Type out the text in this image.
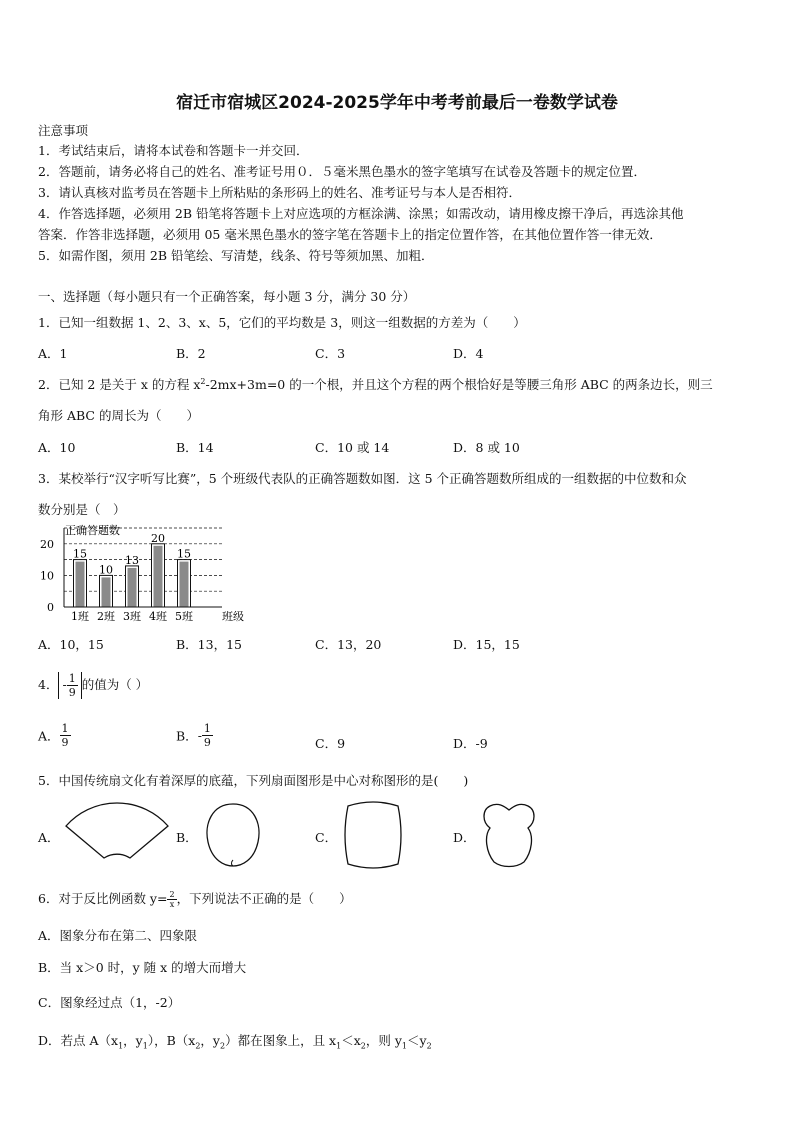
宿迁市宿城区2024-2025学年中考考前最后一卷数学试卷
注意事项
1．考试结束后，请将本试卷和答题卡一并交回．
2．答题前，请务必将自己的姓名、准考证号用０．５毫米黑色墨水的签字笔填写在试卷及答题卡的规定位置．
3．请认真核对监考员在答题卡上所粘贴的条形码上的姓名、准考证号与本人是否相符．
4．作答选择题，必须用 2B 铅笔将答题卡上对应选项的方框涂满、涂黑；如需改动，请用橡皮擦干净后，再选涂其他
答案．作答非选择题，必须用 05 毫米黑色墨水的签字笔在答题卡上的指定位置作答，在其他位置作答一律无效．
5．如需作图，须用 2B 铅笔绘、写清楚，线条、符号等须加黑、加粗．
一、选择题（每小题只有一个正确答案，每小题 3 分，满分 30 分）
1．已知一组数据 1、2、3、x、5，它们的平均数是 3，则这一组数据的方差为（　　）
A．1	B．2	C．3	D．4
2．已知 2 是关于 x 的方程 $x^2-2mx+3m=0$ 的一个根，并且这个方程的两个根恰好是等腰三角形 ABC 的两条边长，则三
角形 ABC 的周长为（　　）
A．10	B．14	C．10 或 14	D．8 或 10
3．某校举行“汉字听写比赛”，5 个班级代表队的正确答题数如图．这 5 个正确答题数所组成的一组数据的中位数和众
数分别是（　）
0
10
20
15
1班
10
2班
13
3班
20
4班
15
5班
正确答题数
班级
A．10，15	B．13，15	C．13，20	D．15，15
4． - $\frac{1}{9}$ 的值为（ ）
A． $\frac{1}{9}$	B．- $\frac{1}{9}$	C．9	D．-9
5．中国传统扇文化有着深厚的底蕴，下列扇面图形是中心对称图形的是(　　)
A．	B．	C．	D．
6．对于反比例函数 $y= \frac{2}{x}$ ，下列说法不正确的是（　　）
A．图象分布在第二、四象限
B．当 x＞0 时，y 随 x 的增大而增大
C．图象经过点（1，-2）
D．若点 $A(x_1$，$y_1$），$B(x_2$，$y_2$）都在图象上，且 $x_1<x_2$，则 $y_1<y_2$
